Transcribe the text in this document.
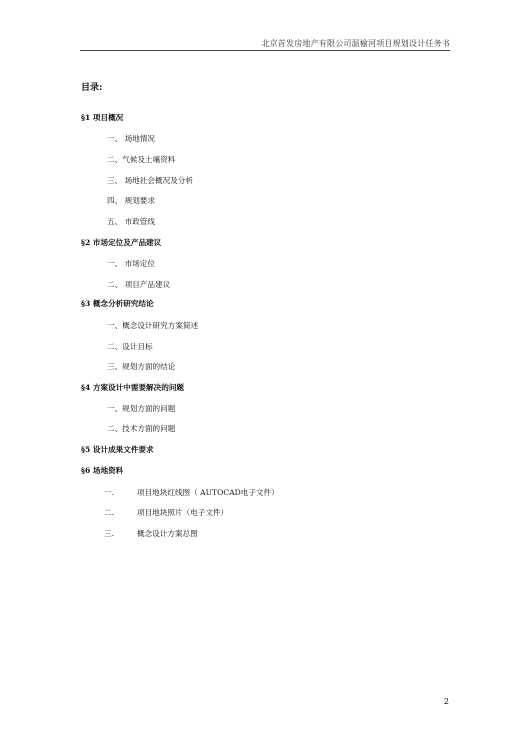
北京首发房地产有限公司温榆河项目规划设计任务书
目录:
§1 项目概况
一、 场地情况
二、气候及土壤资料
三、 场地社会概况及分析
四、 规划要求
五、 市政管线
§2 市场定位及产品建议
一、 市场定位
二、 项目产品建议
§3 概念分析研究结论
一、概念设计研究方案简述
二、设计目标
三、规划方面的结论
§4 方案设计中需要解决的问题
一、规划方面的问题
二、技术方面的问题
§5 设计成果文件要求
§6 场地资料
一.	项目地块红线图（ AUTOCAD电子文件）
二.	项目地块照片（电子文件）
三.	概念设计方案总图
2
